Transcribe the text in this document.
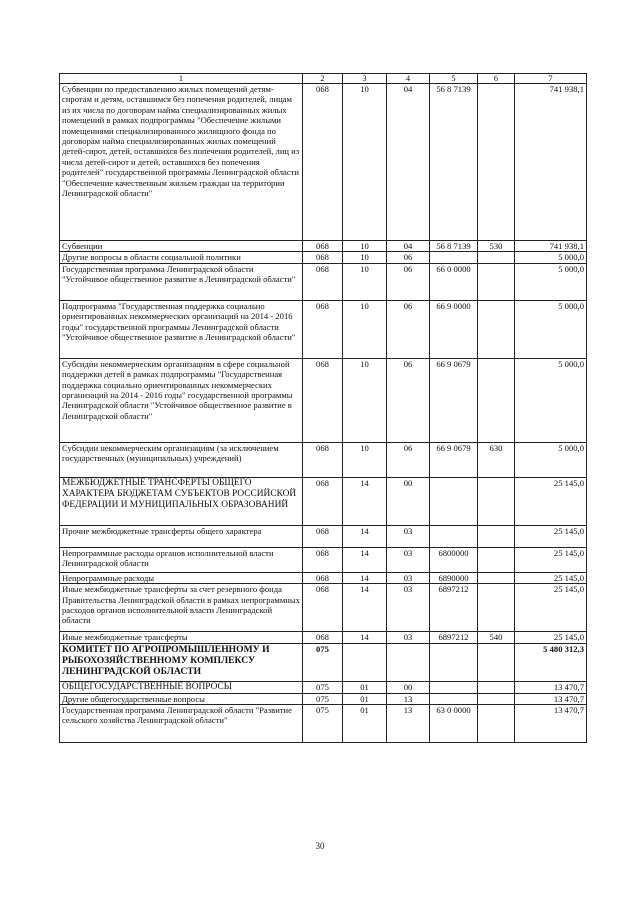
1	2	3	4	5	6	7
Субвенции по предоставлению жилых помещений детям-сиротам и детям, оставшимся без попечения родителей, лицам из их числа по договорам найма специализированных жилых помещений в рамках подпрограммы "Обеспечение жилыми помещениями специализированного жилищного фонда по договорам найма специализированных жилых помещений детей-сирот, детей, оставшихся без попечения родителей, лиц из числа детей-сирот и детей, оставшихся без попечения родителей" государственной программы Ленинградской области "Обеспечение качественным жильем граждан на территории Ленинградской области"	068	10	04	56 8 7139		741 938,1
Субвенции	068	10	04	56 8 7139	530	741 938,1
Другие вопросы в области социальной политики	068	10	06			5 000,0
Государственная программа Ленинградской области "Устойчивое общественное развитие в Ленинградской области"	068	10	06	66 0 0000		5 000,0
Подпрограмма "Государственная поддержка социально ориентированных некоммерческих организаций на 2014 - 2016 годы" государственной программы Ленинградской области "Устойчивое общественное развитие в Ленинградской области"	068	10	06	66 9 0000		5 000,0
Субсидии некоммерческим организациям в сфере социальной поддержки детей в рамках подпрограммы "Государственная поддержка социально ориентированных некоммерческих организаций на 2014 - 2016 годы" государственной программы Ленинградской области "Устойчивое общественное развитие в Ленинградской области"	068	10	06	66 9 0679		5 000,0
Субсидии некоммерческим организациям (за исключением государственных (муниципальных) учреждений)	068	10	06	66 9 0679	630	5 000,0
МЕЖБЮДЖЕТНЫЕ ТРАНСФЕРТЫ ОБЩЕГО ХАРАКТЕРА БЮДЖЕТАМ СУБЪЕКТОВ РОССИЙСКОЙ ФЕДЕРАЦИИ И МУНИЦИПАЛЬНЫХ ОБРАЗОВАНИЙ	068	14	00			25 145,0
Прочие межбюджетные трансферты общего характера	068	14	03			25 145,0
Непрограммные расходы органов исполнительной власти Ленинградской области	068	14	03	6800000		25 145,0
Непрограммные расходы	068	14	03	6890000		25 145,0
Иные межбюджетные трансферты за счет резервного фонда Правительства Ленинградской области в рамках непрограммных расходов органов исполнительной власти Ленинградской области	068	14	03	6897212		25 145,0
Иные межбюджетные трансферты	068	14	03	6897212	540	25 145,0
КОМИТЕТ ПО АГРОПРОМЫШЛЕННОМУ И РЫБОХОЗЯЙСТВЕННОМУ КОМПЛЕКСУ ЛЕНИНГРАДСКОЙ ОБЛАСТИ	075					5 480 312,3
ОБЩЕГОСУДАРСТВЕННЫЕ ВОПРОСЫ	075	01	00			13 470,7
Другие общегосударственные вопросы	075	01	13			13 470,7
Государственная программа Ленинградской области "Развитие сельского хозяйства Ленинградской области"	075	01	13	63 0 0000		13 470,7
30
